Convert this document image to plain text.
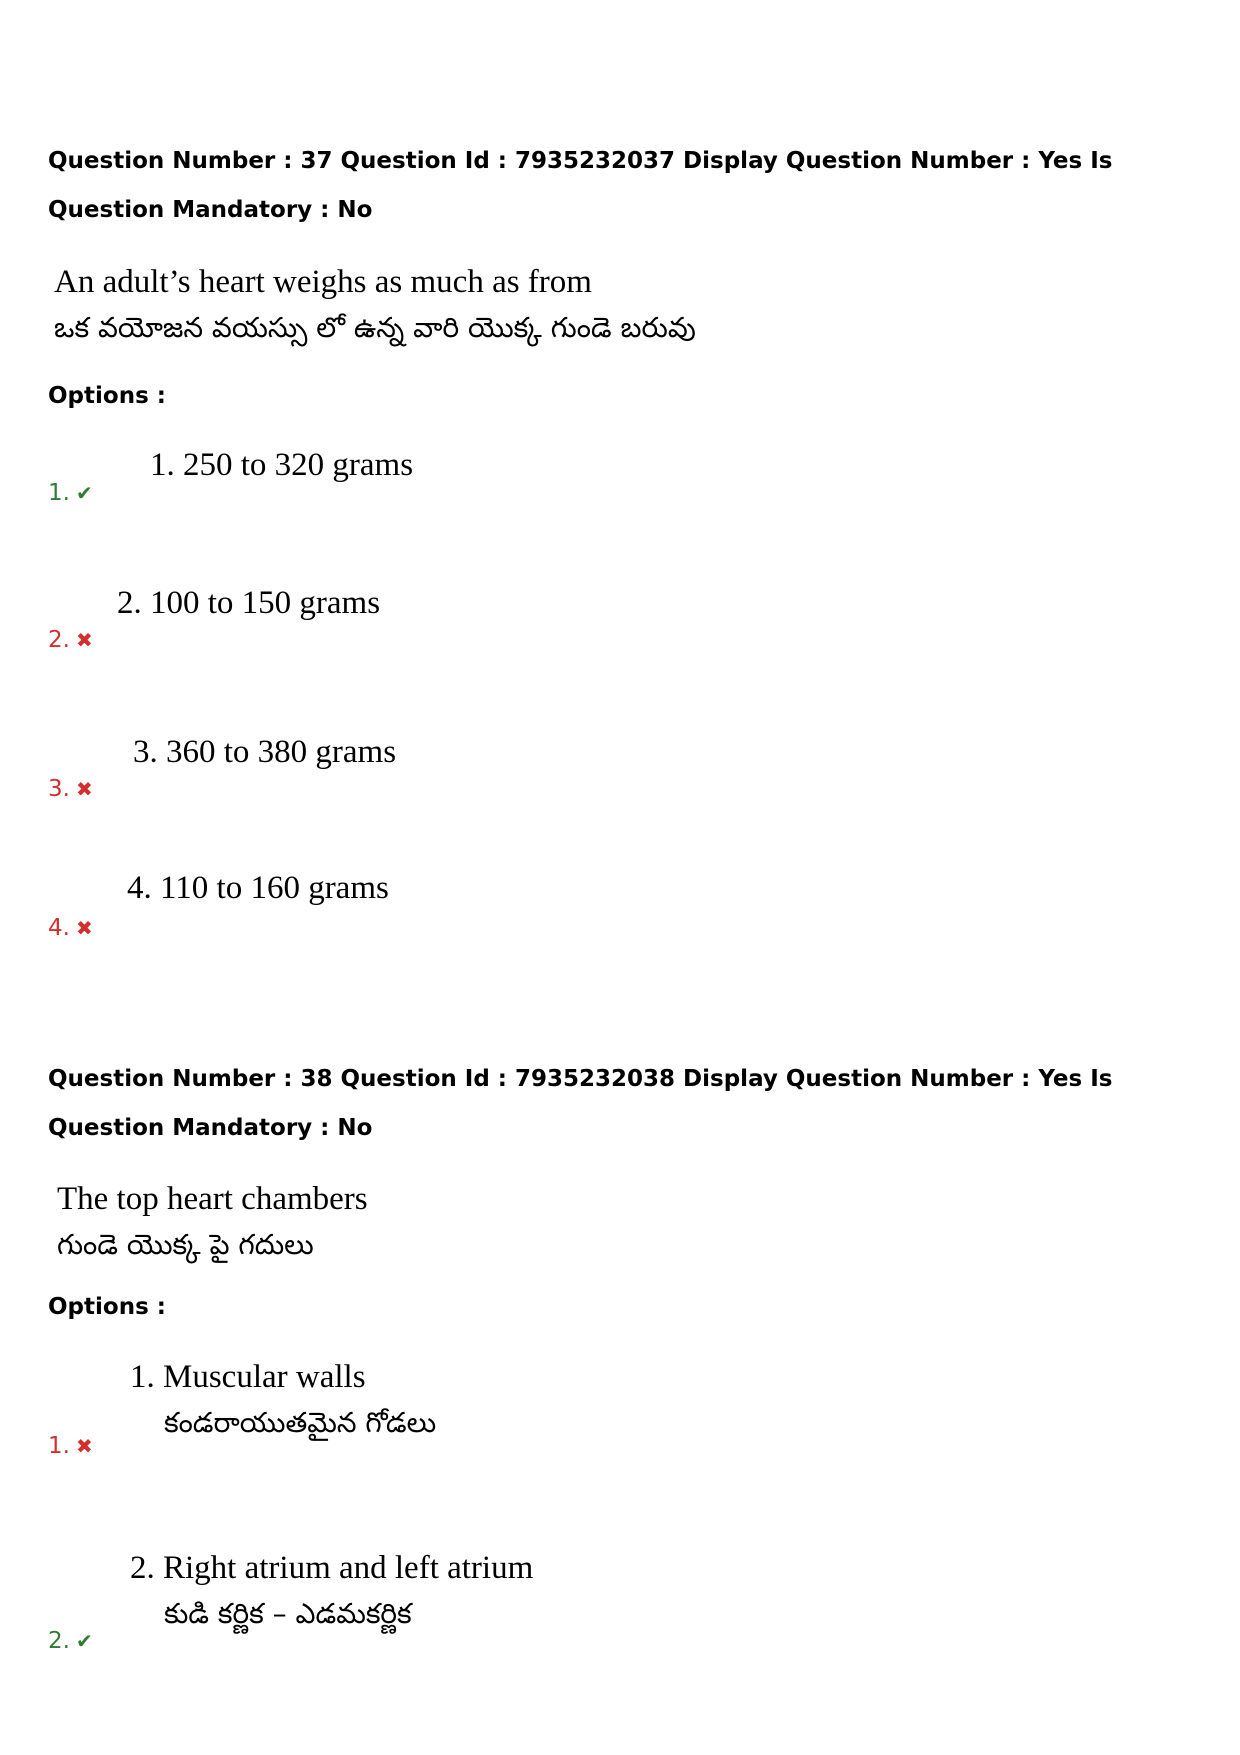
Question Number : 37 Question Id : 7935232037 Display Question Number : Yes Is Question Mandatory : No
An adult’s heart weighs as much as from
ఒక వయోజన వయస్సు లో ఉన్న వారి యొక్క గుండె బరువు
Options :
1. 250 to 320 grams
1. ✔
2. 100 to 150 grams
2. ✖
3. 360 to 380 grams
3. ✖
4. 110 to 160 grams
4. ✖
Question Number : 38 Question Id : 7935232038 Display Question Number : Yes Is Question Mandatory : No
The top heart chambers
గుండె యొక్క పై గదులు
Options :
1. Muscular walls
కండరాయుతమైన గోడలు
1. ✖
2. Right atrium and left atrium
కుడి కర్ణిక – ఎడమకర్ణిక
2. ✔
